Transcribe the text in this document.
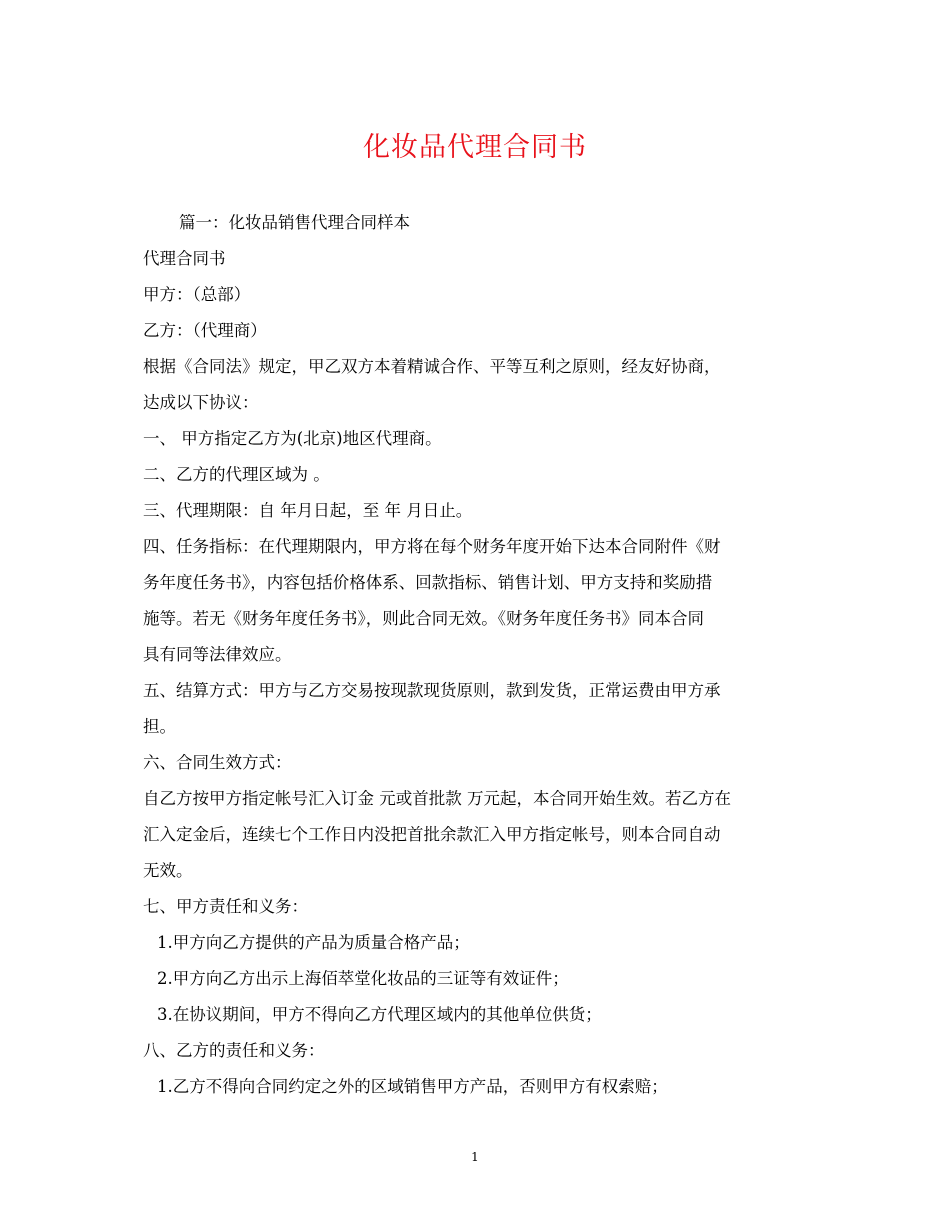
化妆品代理合同书
篇一：化妆品销售代理合同样本
代理合同书
甲方：（总部）
乙方：（代理商）
根据《合同法》规定，甲乙双方本着精诚合作、平等互利之原则，经友好协商，
达成以下协议：
一、 甲方指定乙方为(北京)地区代理商。
二、乙方的代理区域为 。
三、代理期限：自 年月日起，至 年 月日止。
四、任务指标：在代理期限内，甲方将在每个财务年度开始下达本合同附件《财
务年度任务书》，内容包括价格体系、回款指标、销售计划、甲方支持和奖励措
施等。若无《财务年度任务书》，则此合同无效。《财务年度任务书》同本合同
具有同等法律效应。
五、结算方式：甲方与乙方交易按现款现货原则，款到发货，正常运费由甲方承
担。
六、合同生效方式：
自乙方按甲方指定帐号汇入订金 元或首批款 万元起，本合同开始生效。若乙方在
汇入定金后，连续七个工作日内没把首批余款汇入甲方指定帐号，则本合同自动
无效。
七、甲方责任和义务：
1.甲方向乙方提供的产品为质量合格产品；
2.甲方向乙方出示上海佰萃堂化妆品的三证等有效证件；
3.在协议期间，甲方不得向乙方代理区域内的其他单位供货；
八、乙方的责任和义务：
1.乙方不得向合同约定之外的区域销售甲方产品，否则甲方有权索赔；
1
